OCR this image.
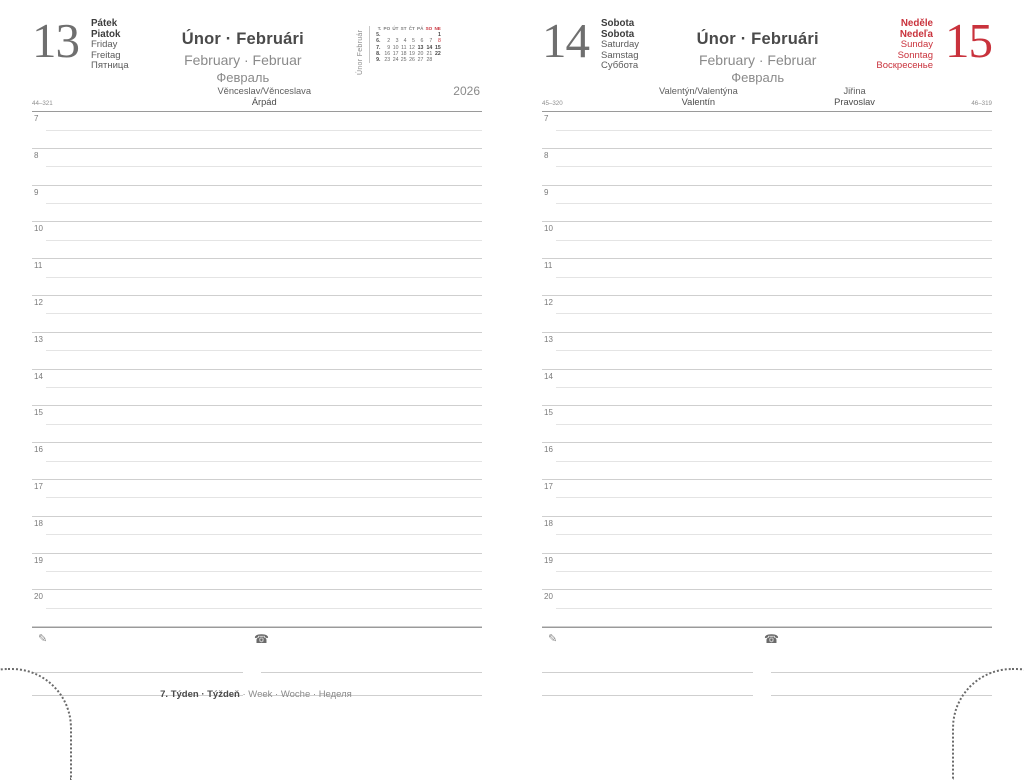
13 Pátek
Piatok
Friday
Freitag
Пятница
Únor · Februári
February · Februar
Февраль
Únor Február
T.	PO	ÚT	ST	ČT	PÁ	SO	NE
5.							1
6.	2	3	4	5	6	7	8
7.	9	10	11	12	13	14	15
8.	16	17	18	19	20	21	22
9.	23	24	25	26	27	28	
2026
44–321
Věnceslav/Věnceslava
Árpád
7
8
9
10
11
12
13
14
15
16
17
18
19
20
✎	☎
7. Týden · Týždeň · Week · Woche · Неделя
14 Sobota
Sobota
Saturday
Samstag
Суббота
Únor · Februári
February · Februar
Февраль
Neděle
Nedeľa
Sunday
Sonntag
Воскресенье 15
45–320
Valentýn/Valentýna
Valentín
Jiřina
Pravoslav	46–319
7
8
9
10
11
12
13
14
15
16
17
18
19
20
✎	☎
